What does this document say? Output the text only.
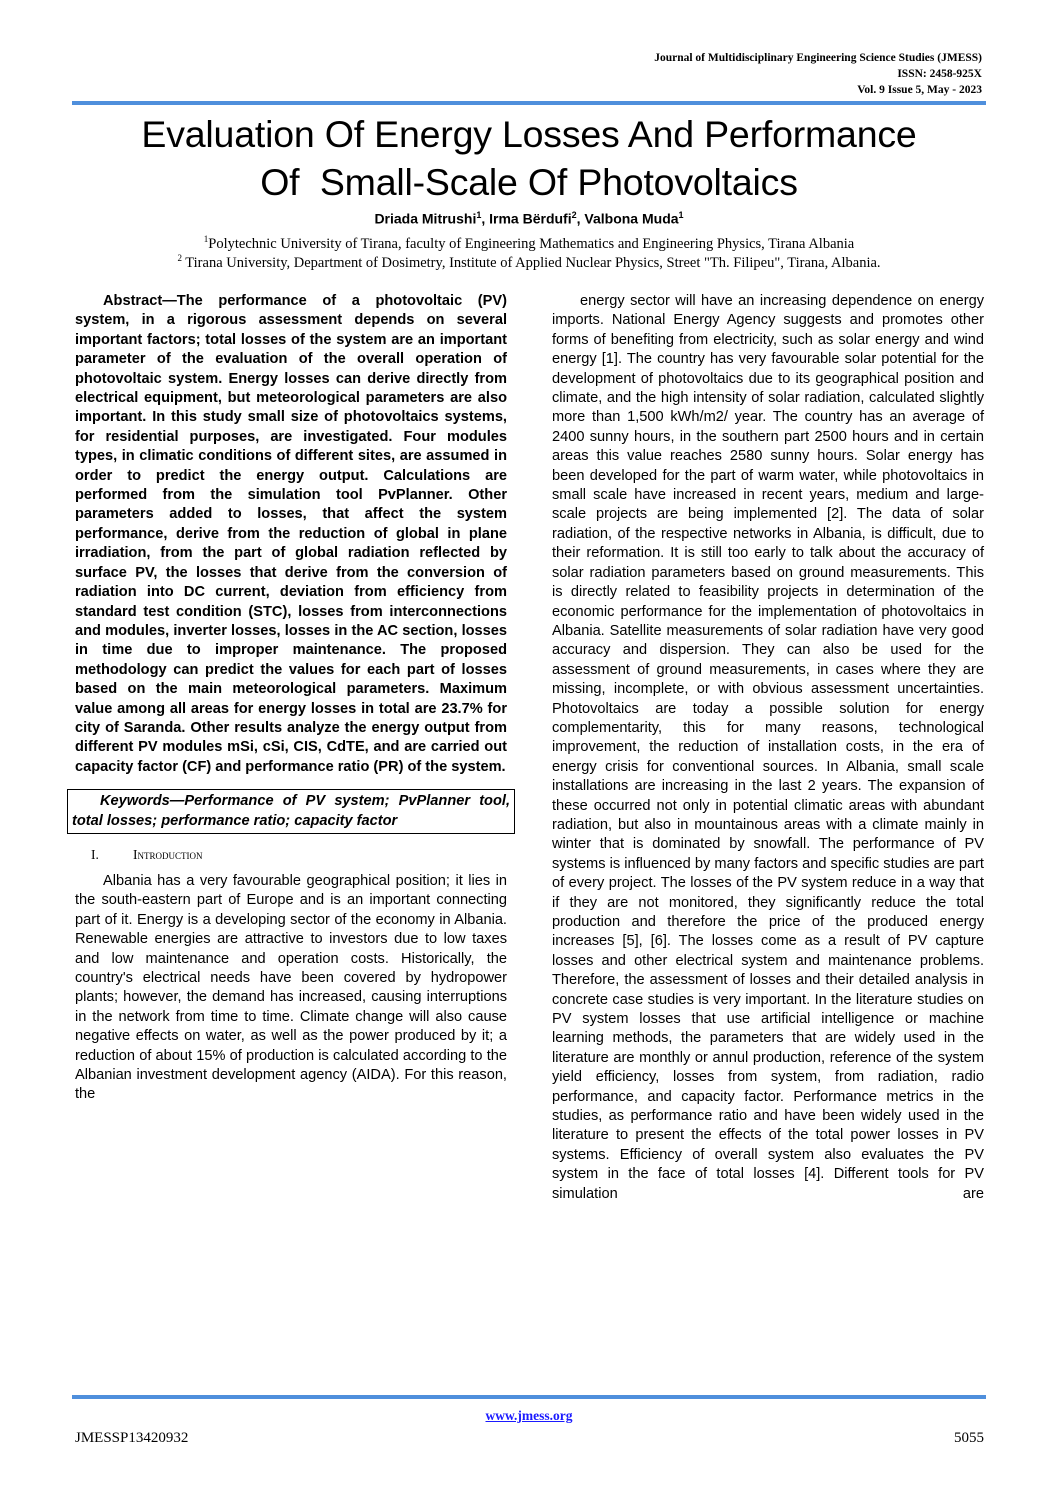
Journal of Multidisciplinary Engineering Science Studies (JMESS)
ISSN: 2458-925X
Vol. 9 Issue 5, May - 2023
Evaluation Of Energy Losses And Performance
Of  Small-Scale Of Photovoltaics
Driada Mitrushi$^1$, Irma Bërdufi$^2$, Valbona Muda$^1$
$^1$Polytechnic University of Tirana, faculty of Engineering Mathematics and Engineering Physics, Tirana Albania
$^2$ Tirana University, Department of Dosimetry, Institute of Applied Nuclear Physics, Street "Th. Filipeu", Tirana, Albania.

Abstract—The performance of a photovoltaic (PV) system, in a rigorous assessment depends on several important factors; total losses of the system are an important parameter of the evaluation of the overall operation of photovoltaic system. Energy losses can derive directly from electrical equipment, but meteorological parameters are also important. In this study small size of photovoltaics systems, for residential purposes, are investigated. Four modules types, in climatic conditions of different sites, are assumed in order to predict the energy output. Calculations are performed from the simulation tool PvPlanner. Other parameters added to losses, that affect the system performance, derive from the reduction of global in plane irradiation, from the part of global radiation reflected by surface PV, the losses that derive from the conversion of radiation into DC current, deviation from efficiency from standard test condition (STC), losses from interconnections and modules, inverter losses, losses in the AC section, losses in time due to improper maintenance. The proposed methodology can predict the values for each part of losses based on the main meteorological parameters. Maximum value among all areas for energy losses in total are 23.7% for city of Saranda. Other results analyze the energy output from different PV modules mSi, cSi, CIS, CdTE, and are carried out capacity factor (CF) and performance ratio (PR) of the system.

Keywords—Performance of PV system; PvPlanner tool, total losses; performance ratio; capacity factor

I.	Introduction

Albania has a very favourable geographical position; it lies in the south-eastern part of Europe and is an important connecting part of it. Energy is a developing sector of the economy in Albania. Renewable energies are attractive to investors due to low taxes and low maintenance and operation costs. Historically, the country's electrical needs have been covered by hydropower plants; however, the demand has increased, causing interruptions in the network from time to time. Climate change will also cause negative effects on water, as well as the power produced by it; a reduction of about 15% of production is calculated according to the Albanian investment development agency (AIDA). For this reason, the

energy sector will have an increasing dependence on energy imports. National Energy Agency suggests and promotes other forms of benefiting from electricity, such as solar energy and wind energy [1]. The country has very favourable solar potential for the development of photovoltaics due to its geographical position and climate, and the high intensity of solar radiation, calculated slightly more than 1,500 kWh/m2/ year. The country has an average of 2400 sunny hours, in the southern part 2500 hours and in certain areas this value reaches 2580 sunny hours. Solar energy has been developed for the part of warm water, while photovoltaics in small scale have increased in recent years, medium and large-scale projects are being implemented [2]. The data of solar radiation, of the respective networks in Albania, is difficult, due to their reformation. It is still too early to talk about the accuracy of solar radiation parameters based on ground measurements. This is directly related to feasibility projects in determination of the economic performance for the implementation of photovoltaics in Albania. Satellite measurements of solar radiation have very good accuracy and dispersion. They can also be used for the assessment of ground measurements, in cases where they are missing, incomplete, or with obvious assessment uncertainties. Photovoltaics are today a possible solution for energy complementarity, this for many reasons, technological improvement, the reduction of installation costs, in the era of energy crisis for conventional sources. In Albania, small scale installations are increasing in the last 2 years. The expansion of these occurred not only in potential climatic areas with abundant radiation, but also in mountainous areas with a climate mainly in winter that is dominated by snowfall. The performance of PV systems is influenced by many factors and specific studies are part of every project. The losses of the PV system reduce in a way that if they are not monitored, they significantly reduce the total production and therefore the price of the produced energy increases [5], [6]. The losses come as a result of PV capture losses and other electrical system and maintenance problems. Therefore, the assessment of losses and their detailed analysis in concrete case studies is very important. In the literature studies on PV system losses that use artificial intelligence or machine learning methods, the parameters that are widely used in the literature are monthly or annul production, reference of the system yield efficiency, losses from system, from radiation, radio performance, and capacity factor. Performance metrics in the studies, as performance ratio and have been widely used in the literature to present the effects of the total power losses in PV systems. Efficiency of overall system also evaluates the PV system in the face of total losses [4]. Different tools for PV simulation are

www.jmess.org
JMESSP13420932	5055
